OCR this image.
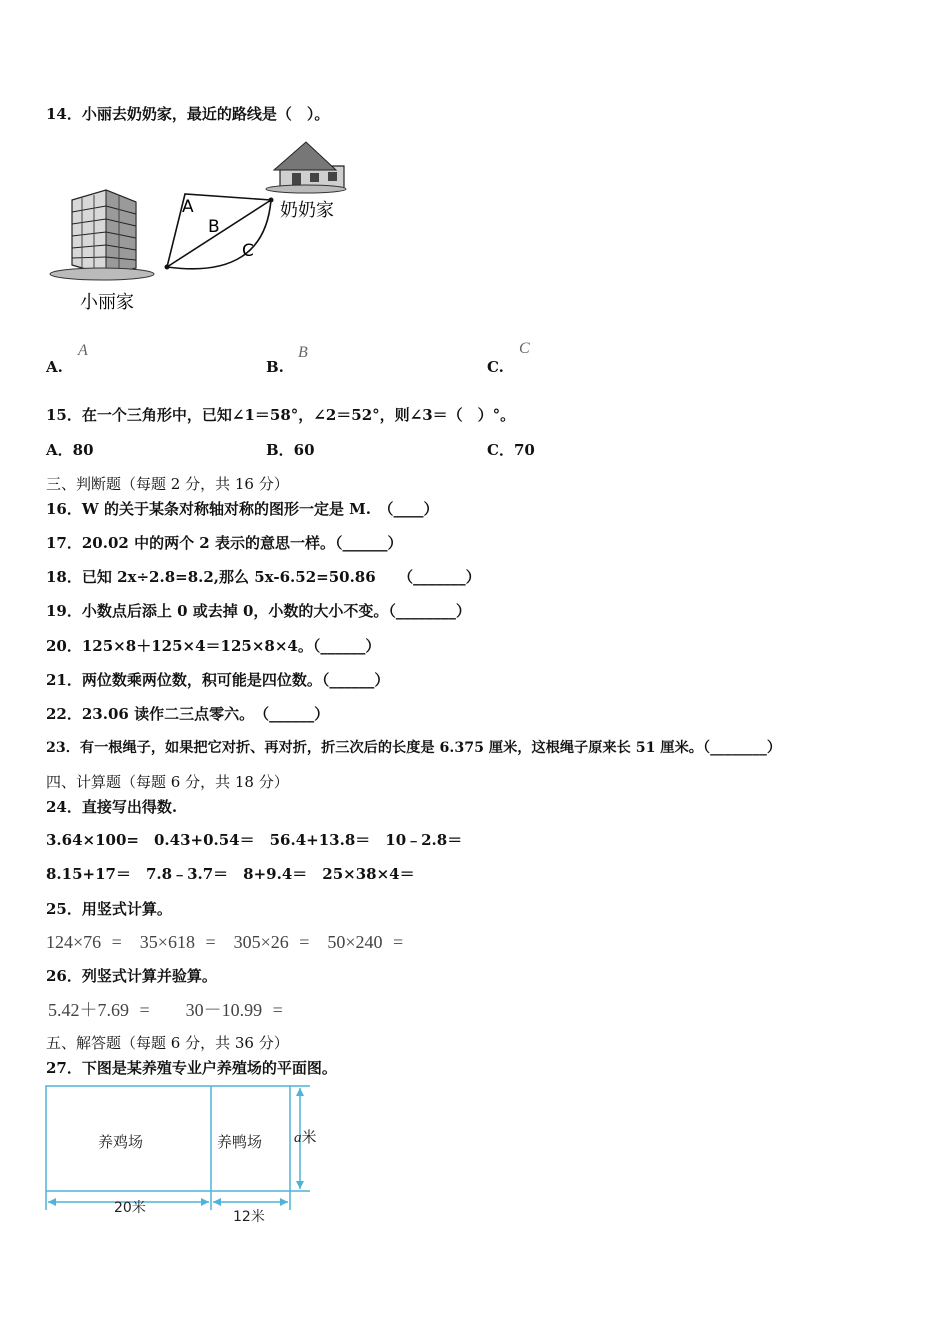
14．小丽去奶奶家，最近的路线是（　）。
A
B
C
奶奶家
小丽家
A.
A
B.
B
C.
C
15．在一个三角形中，已知∠1＝58°，∠2＝52°，则∠3＝（　）°。
A．80	B．60	C．70
三、判断题（每题 2 分，共 16 分）
16．W 的关于某条对称轴对称的图形一定是 M.　（____）
17．20.02 中的两个 2 表示的意思一样。（______）
18．已知 2x÷2.8=8.2,那么 5x-6.52=50.86　　（_______）
19．小数点后添上 0 或去掉 0，小数的大小不变。（________）
20．125×8＋125×4＝125×8×4。（______）
21．两位数乘两位数，积可能是四位数。（______）
22．23.06 读作二三点零六。　（______）
23．有一根绳子，如果把它对折、再对折，折三次后的长度是 6.375 厘米，这根绳子原来长 51 厘米。（________）
四、计算题（每题 6 分，共 18 分）
24．直接写出得数.
3.64×100=　0.43+0.54＝　56.4+13.8＝　10﹣2.8＝
8.15+17＝　7.8﹣3.7＝　8+9.4＝　25×38×4＝
25．用竖式计算。
124×76 =　35×618 =　305×26 =　50×240 =
26．列竖式计算并验算。
5.42＋7.69 =　　30－10.99 =
五、解答题（每题 6 分，共 36 分）
27．下图是某养殖专业户养殖场的平面图。
养鸡场	养鸭场
20米
12米
a米
